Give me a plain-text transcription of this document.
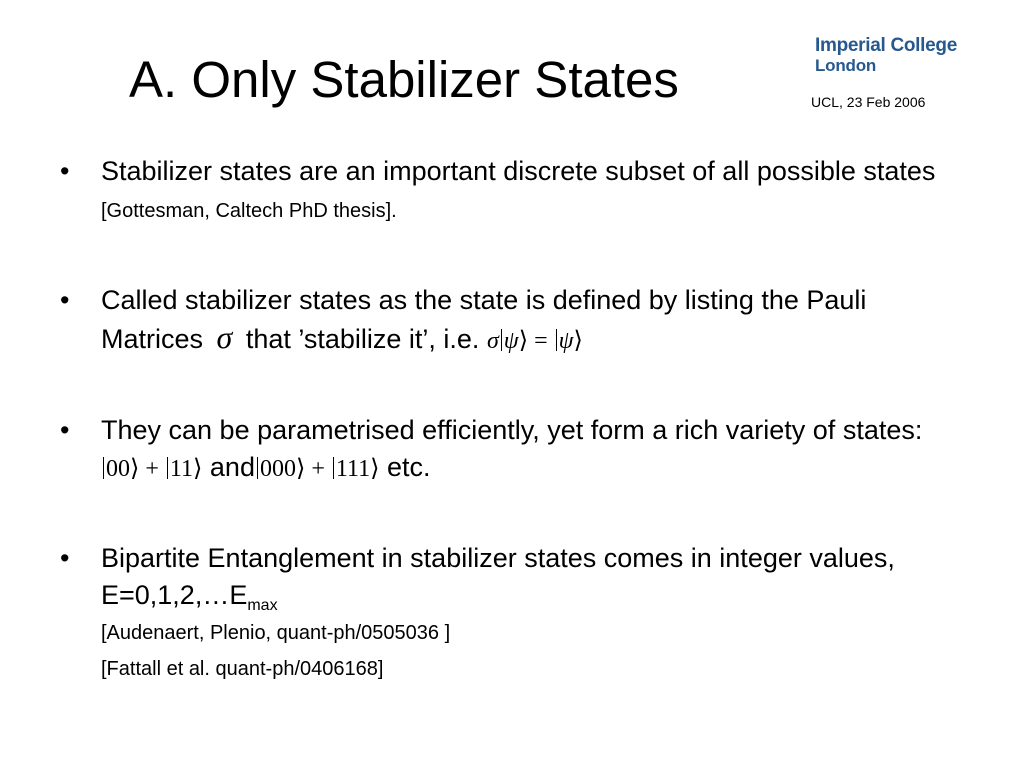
A. Only Stabilizer States
Imperial College
London
UCL, 23 Feb 2006
• Stabilizer states are an important discrete subset of all possible states [Gottesman, Caltech PhD thesis].
• Called stabilizer states as the state is defined by listing the Pauli Matrices σ that ’stabilize it’, i.e. σ ψ⟩ = ψ⟩
• They can be parametrised efficiently, yet form a rich variety of states:00⟩ + 11⟩ and 000⟩ + 111⟩ etc.
• Bipartite Entanglement in stabilizer states comes in integer values, $E=0,1,2,\dots E_{max}$
[Audenaert, Plenio, quant-ph/0505036 ]
[Fattall et al. quant-ph/0406168]
